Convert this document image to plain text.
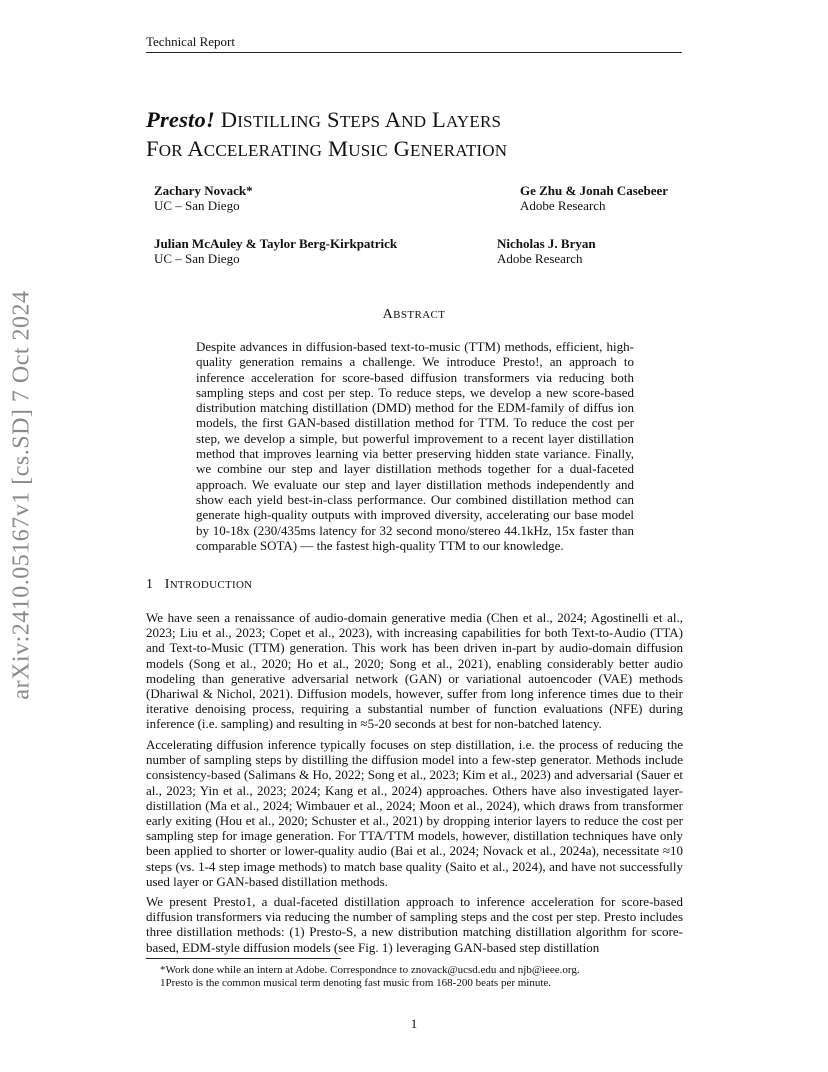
Technical Report
arXiv:2410.05167v1 [cs.SD] 7 Oct 2024
Presto! DISTILLING STEPS AND LAYERS
FOR ACCELERATING MUSIC GENERATION
Zachary Novack*
UC – San Diego
Ge Zhu & Jonah Casebeer
Adobe Research
Julian McAuley & Taylor Berg-Kirkpatrick
UC – San Diego
Nicholas J. Bryan
Adobe Research
ABSTRACT
Despite advances in diffusion-based text-to-music (TTM) methods, efficient, high-quality generation remains a challenge. We introduce Presto!, an approach to inference acceleration for score-based diffusion transformers via reducing both sampling steps and cost per step. To reduce steps, we develop a new score-based distribution matching distillation (DMD) method for the EDM-family of diffus ion models, the first GAN-based distillation method for TTM. To reduce the cost per step, we develop a simple, but powerful improvement to a recent layer distillation method that improves learning via better preserving hidden state variance. Finally, we combine our step and layer distillation methods together for a dual-faceted approach. We evaluate our step and layer distillation methods independently and show each yield best-in-class performance. Our combined distillation method can generate high-quality outputs with improved diversity, accelerating our base model by 10-18x (230/435ms latency for 32 second mono/stereo 44.1kHz, 15x faster than comparable SOTA) — the fastest high-quality TTM to our knowledge.
1 INTRODUCTION
We have seen a renaissance of audio-domain generative media (Chen et al., 2024; Agostinelli et al., 2023; Liu et al., 2023; Copet et al., 2023), with increasing capabilities for both Text-to-Audio (TTA) and Text-to-Music (TTM) generation. This work has been driven in-part by audio-domain diffusion models (Song et al., 2020; Ho et al., 2020; Song et al., 2021), enabling considerably better audio modeling than generative adversarial network (GAN) or variational autoencoder (VAE) methods (Dhariwal & Nichol, 2021). Diffusion models, however, suffer from long inference times due to their iterative denoising process, requiring a substantial number of function evaluations (NFE) during inference (i.e. sampling) and resulting in ≈5-20 seconds at best for non-batched latency.
Accelerating diffusion inference typically focuses on step distillation, i.e. the process of reducing the number of sampling steps by distilling the diffusion model into a few-step generator. Methods include consistency-based (Salimans & Ho, 2022; Song et al., 2023; Kim et al., 2023) and adversarial (Sauer et al., 2023; Yin et al., 2023; 2024; Kang et al., 2024) approaches. Others have also investigated layer-distillation (Ma et al., 2024; Wimbauer et al., 2024; Moon et al., 2024), which draws from transformer early exiting (Hou et al., 2020; Schuster et al., 2021) by dropping interior layers to reduce the cost per sampling step for image generation. For TTA/TTM models, however, distillation techniques have only been applied to shorter or lower-quality audio (Bai et al., 2024; Novack et al., 2024a), necessitate ≈10 steps (vs. 1-4 step image methods) to match base quality (Saito et al., 2024), and have not successfully used layer or GAN-based distillation methods.
We present Presto1, a dual-faceted distillation approach to inference acceleration for score-based diffusion transformers via reducing the number of sampling steps and the cost per step. Presto includes three distillation methods: (1) Presto-S, a new distribution matching distillation algorithm for score-based, EDM-style diffusion models (see Fig. 1) leveraging GAN-based step distillation
*Work done while an intern at Adobe. Correspondnce to znovack@ucsd.edu and njb@ieee.org.
1Presto is the common musical term denoting fast music from 168-200 beats per minute.
1
